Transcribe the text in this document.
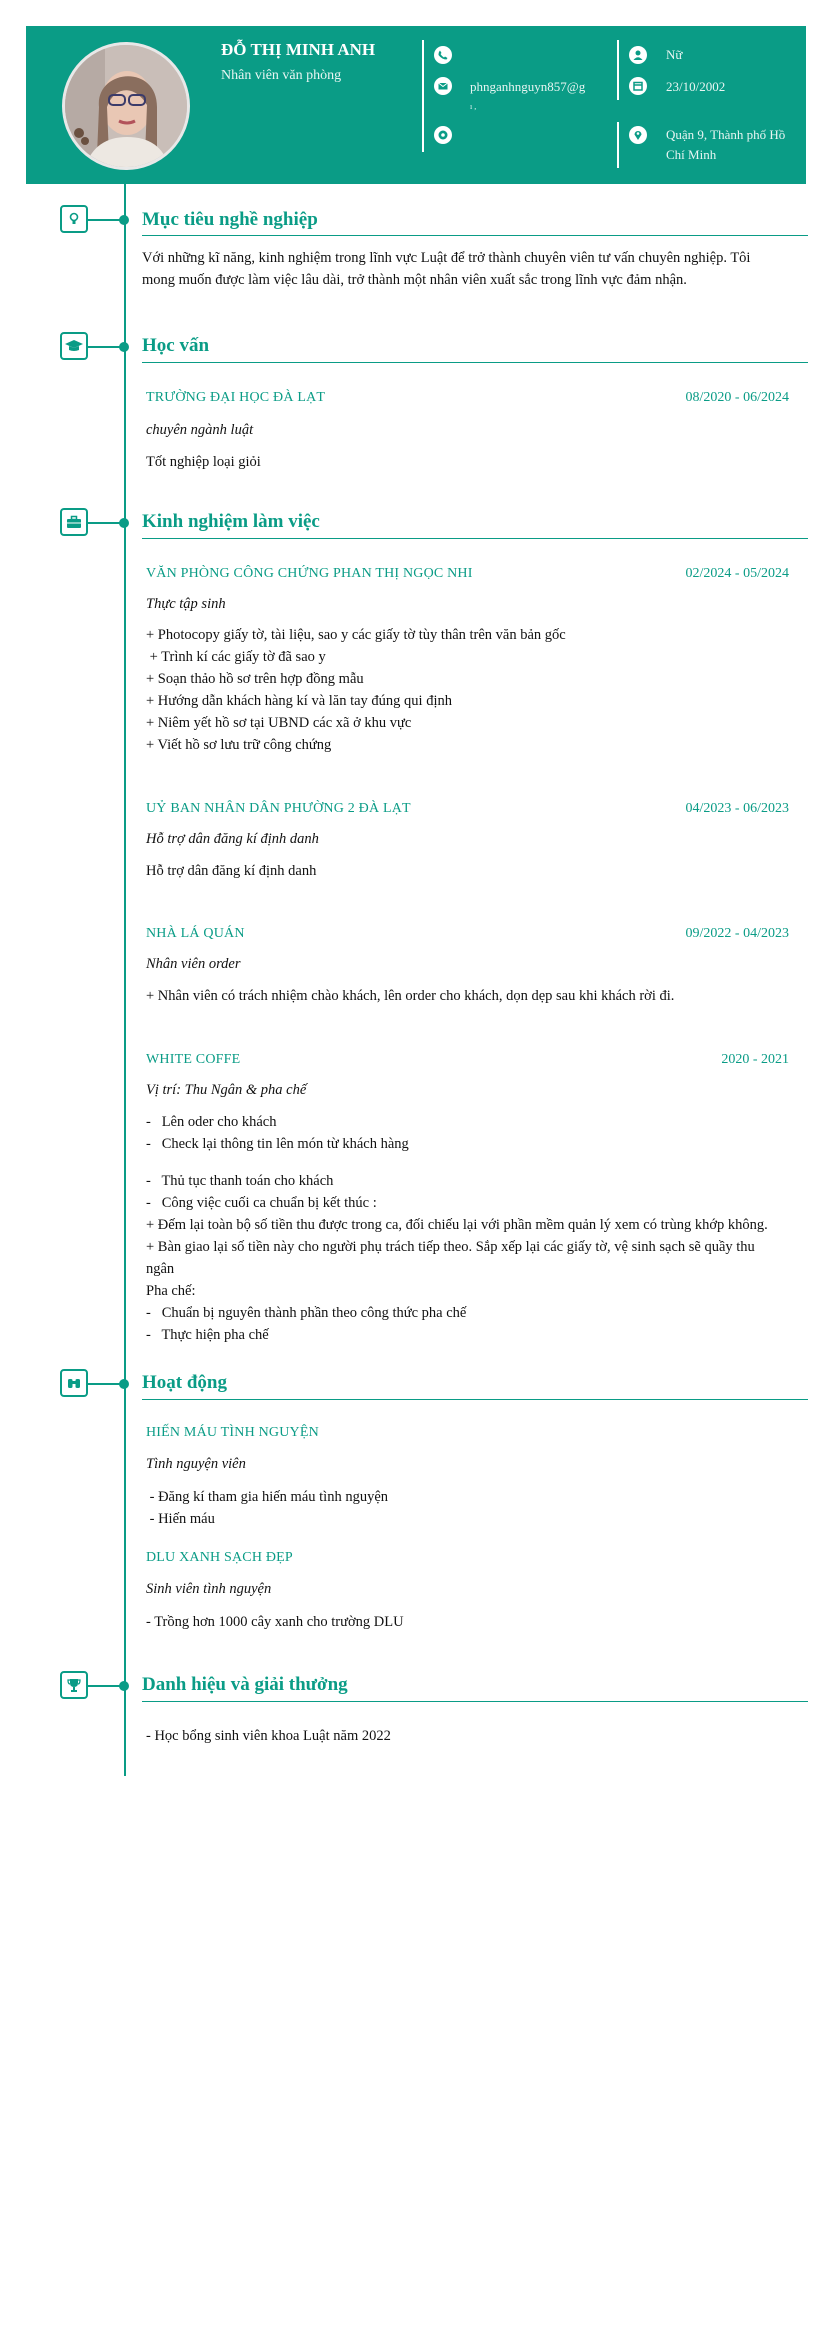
ĐỖ THỊ MINH ANH
Nhân viên văn phòng
phnganhnguyn857@g
ı ,
Nữ
23/10/2002
Quận 9, Thành phố Hồ
Chí Minh
Mục tiêu nghề nghiệp
Với những kĩ năng, kinh nghiệm trong lĩnh vực Luật để trở thành chuyên viên tư vấn chuyên nghiệp. Tôi mong muốn được làm việc lâu dài, trở thành một nhân viên xuất sắc trong lĩnh vực đảm nhận.
Học vấn
TRƯỜNG ĐẠI HỌC ĐÀ LẠT	08/2020 - 06/2024
chuyên ngành luật
Tốt nghiệp loại giỏi
Kinh nghiệm làm việc
VĂN PHÒNG CÔNG CHỨNG PHAN THỊ NGỌC NHI	02/2024 - 05/2024
Thực tập sinh
+ Photocopy giấy tờ, tài liệu, sao y các giấy tờ tùy thân trên văn bản gốc
+ Trình kí các giấy tờ đã sao y
+ Soạn thảo hồ sơ trên hợp đồng mẫu
+ Hướng dẫn khách hàng kí và lăn tay đúng qui định
+ Niêm yết hồ sơ tại UBND các xã ở khu vực
+ Viết hồ sơ lưu trữ công chứng
UỶ BAN NHÂN DÂN PHƯỜNG 2 ĐÀ LẠT	04/2023 - 06/2023
Hỗ trợ dân đăng kí định danh
Hỗ trợ dân đăng kí định danh
NHÀ LÁ QUÁN	09/2022 - 04/2023
Nhân viên order
+ Nhân viên có trách nhiệm chào khách, lên order cho khách, dọn dẹp sau khi khách rời đi.
WHITE COFFE	2020 - 2021
Vị trí: Thu Ngân & pha chế
-   Lên oder cho khách
-   Check lại thông tin lên món từ khách hàng
-   Thủ tục thanh toán cho khách
-   Công việc cuối ca chuẩn bị kết thúc :
+ Đếm lại toàn bộ số tiền thu được trong ca, đối chiếu lại với phần mềm quản lý xem có trùng khớp không.
+ Bàn giao lại số tiền này cho người phụ trách tiếp theo. Sắp xếp lại các giấy tờ, vệ sinh sạch sẽ quầy thu
ngân
Pha chế:
-   Chuẩn bị nguyên thành phần theo công thức pha chế
-   Thực hiện pha chế
Hoạt động
HIẾN MÁU TÌNH NGUYỆN
Tình nguyện viên
- Đăng kí tham gia hiến máu tình nguyện
- Hiến máu
DLU XANH SẠCH ĐẸP
Sinh viên tình nguyện
- Trồng hơn 1000 cây xanh cho trường DLU
Danh hiệu và giải thưởng
- Học bổng sinh viên khoa Luật năm 2022
